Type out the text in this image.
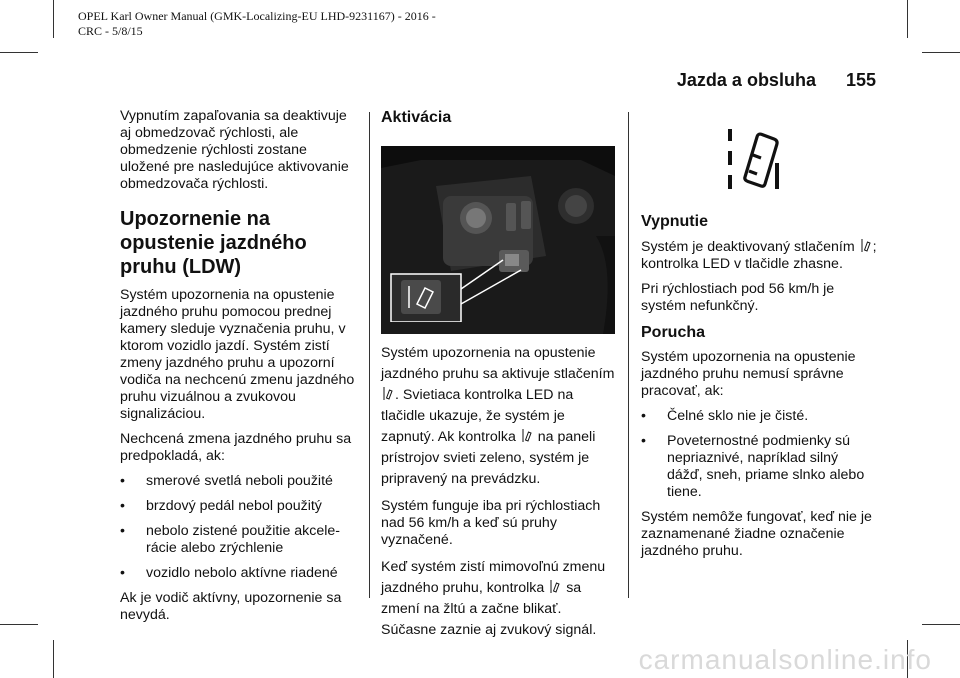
OPEL Karl Owner Manual (GMK-Localizing-EU LHD-9231167) - 2016 -
CRC - 5/8/15
Jazda a obsluha 155

Vypnutím zapaľovania sa deaktivuje aj obmedzovač rýchlosti, ale obmedzenie rýchlosti zostane uložené pre nasledujúce aktivovanie obmedzovača rýchlosti.

Upozornenie na
opustenie jazdného
pruhu (LDW)

Systém upozornenia na opustenie jazdného pruhu pomocou prednej kamery sleduje vyznačenia pruhu, v ktorom vozidlo jazdí. Systém zistí zmeny jazdného pruhu a upozorní vodiča na nechcenú zmenu jazdného pruhu vizuálnou a zvukovou signalizáciou.

Nechcená zmena jazdného pruhu sa predpokladá, ak:

• smerové svetlá neboli použité
• brzdový pedál nebol použitý
• nebolo zistené použitie akcelerácie alebo zrýchlenie
• vozidlo nebolo aktívne riadené

Ak je vodič aktívny, upozornenie sa nevydá.

Aktivácia

Systém upozornenia na opustenie jazdného pruhu sa aktivuje stlačením . Svietiaca kontrolka LED na tlačidle ukazuje, že systém je zapnutý. Ak kontrolka na paneli prístrojov svieti zeleno, systém je pripravený na prevádzku.

Systém funguje iba pri rýchlostiach nad 56 km/h a keď sú pruhy vyznačené.

Keď systém zistí mimovoľnú zmenu jazdného pruhu, kontrolka sa zmení na žltú a začne blikať. Súčasne zaznie aj zvukový signál.

Vypnutie

Systém je deaktivovaný stlačením ; kontrolka LED v tlačidle zhasne.

Pri rýchlostiach pod 56 km/h je systém nefunkčný.

Porucha

Systém upozornenia na opustenie jazdného pruhu nemusí správne pracovať, ak:

• Čelné sklo nie je čisté.
• Poveternostné podmienky sú nepriaznivé, napríklad silný dážď, sneh, priame slnko alebo tiene.

Systém nemôže fungovať, keď nie je zaznamenané žiadne označenie jazdného pruhu.

carmanualsonline.info
